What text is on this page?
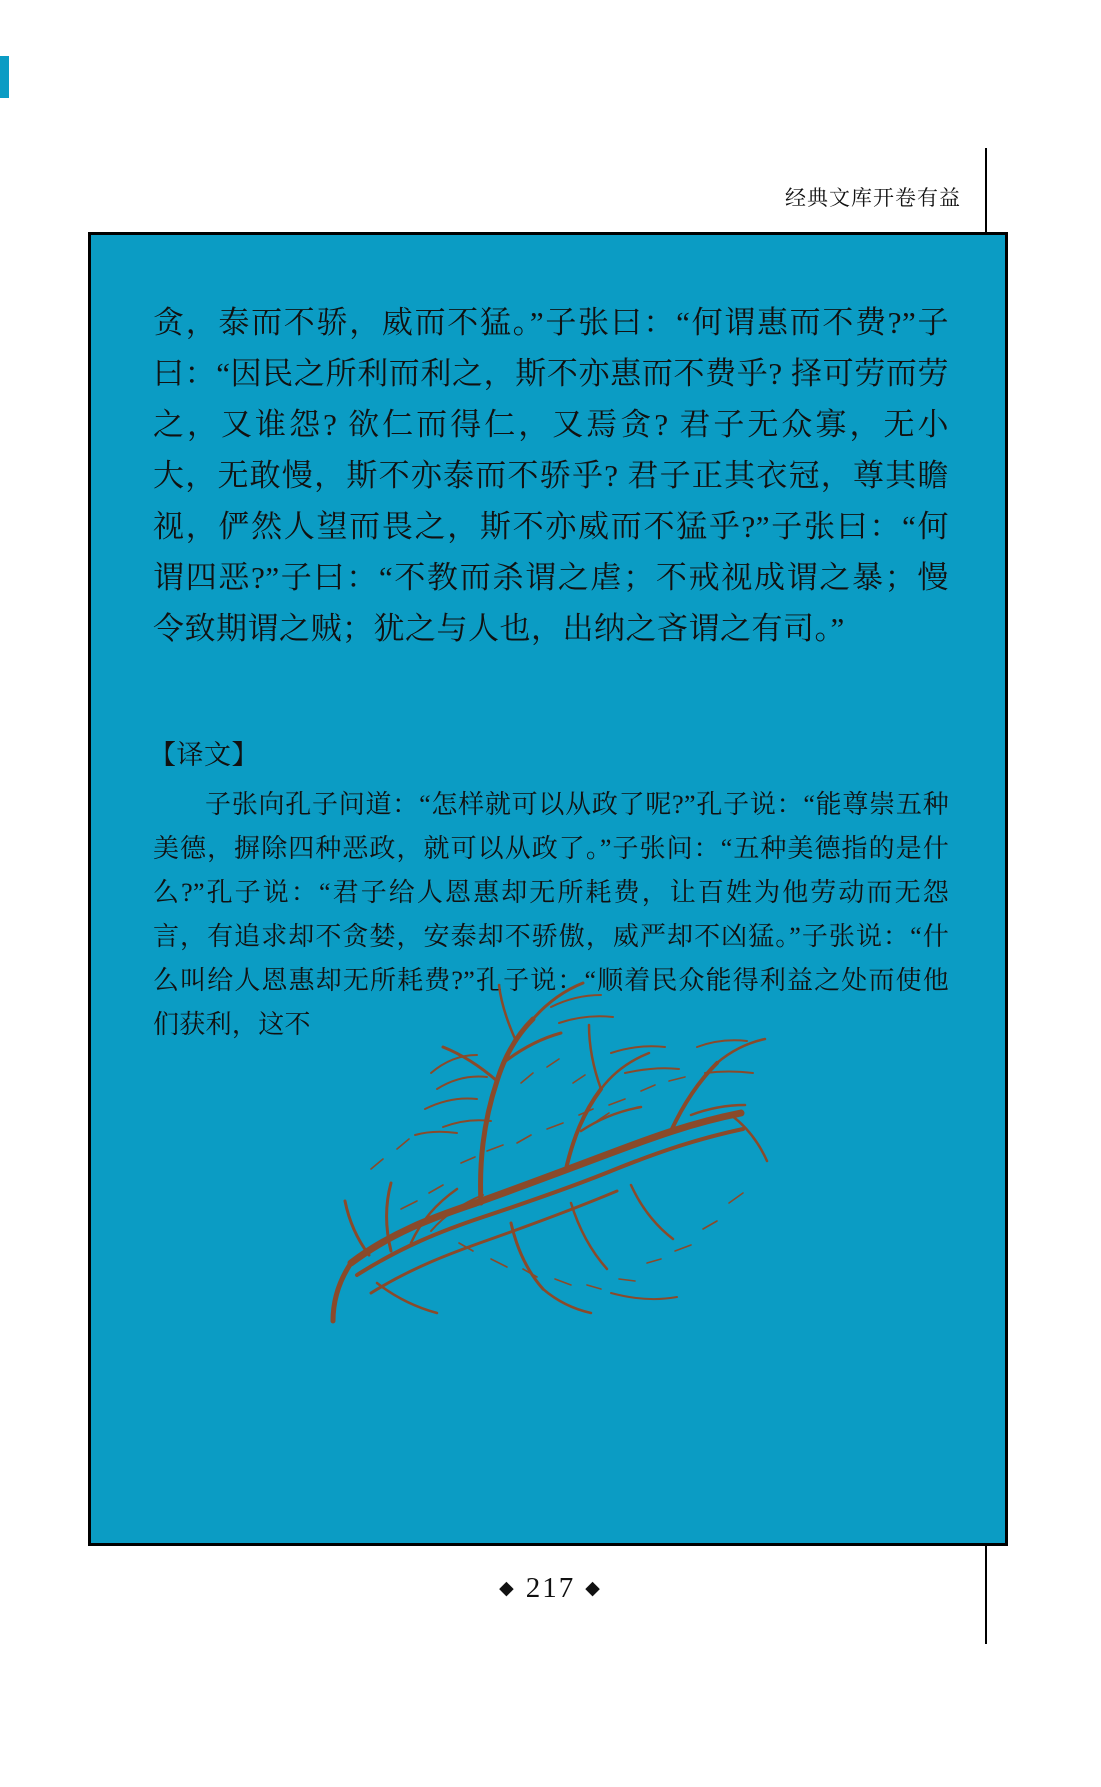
经典文库开卷有益
贪，泰而不骄，威而不猛。”子张曰：“何谓惠而不费?”子曰：“因民之所利而利之，斯不亦惠而不费乎? 择可劳而劳之，又谁怨? 欲仁而得仁，又焉贪? 君子无众寡，无小大，无敢慢，斯不亦泰而不骄乎? 君子正其衣冠，尊其瞻视，俨然人望而畏之，斯不亦威而不猛乎?”子张曰：“何谓四恶?”子曰：“不教而杀谓之虐；不戒视成谓之暴；慢令致期谓之贼；犹之与人也，出纳之吝谓之有司。”
【译文】
子张向孔子问道：“怎样就可以从政了呢?”孔子说：“能尊崇五种美德，摒除四种恶政，就可以从政了。”子张问：“五种美德指的是什么?”孔子说：“君子给人恩惠却无所耗费，让百姓为他劳动而无怨言，有追求却不贪婪，安泰却不骄傲，威严却不凶猛。”子张说：“什么叫给人恩惠却无所耗费?”孔子说：“顺着民众能得利益之处而使他们获利，这不
◆ 217 ◆
